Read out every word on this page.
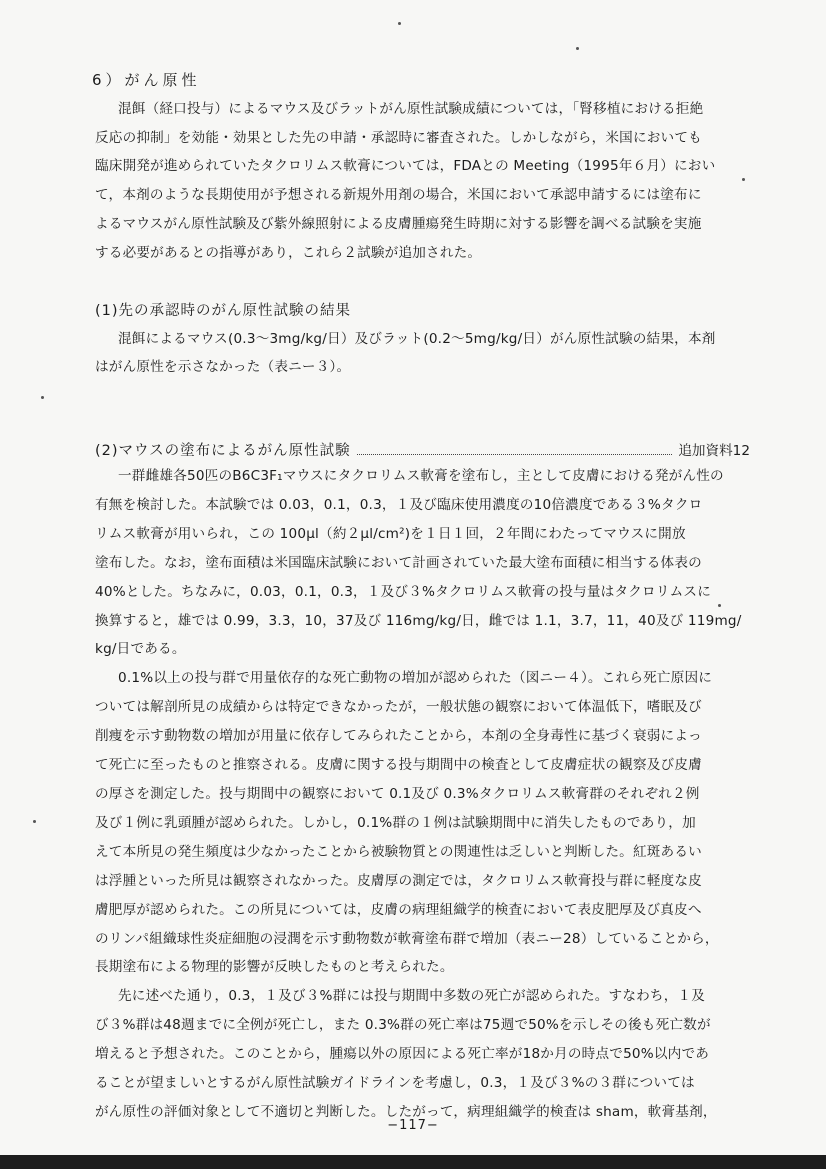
6）がん原性
混餌（経口投与）によるマウス及びラットがん原性試験成績については，「腎移植における拒絶
反応の抑制」を効能・効果とした先の申請・承認時に審査された。しかしながら，米国においても
臨床開発が進められていたタクロリムス軟膏については，FDAとの Meeting（1995年６月）におい
て，本剤のような長期使用が予想される新規外用剤の場合，米国において承認申請するには塗布に
よるマウスがん原性試験及び紫外線照射による皮膚腫瘍発生時期に対する影響を調べる試験を実施
する必要があるとの指導があり，これら２試験が追加された。
(1)先の承認時のがん原性試験の結果
混餌によるマウス(0.3～3mg/kg/日）及びラット(0.2～5mg/kg/日）がん原性試験の結果，本剤
はがん原性を示さなかった（表ニー３）。
(2)マウスの塗布によるがん原性試験	追加資料12
一群雌雄各50匹のB6C3F₁マウスにタクロリムス軟膏を塗布し，主として皮膚における発がん性の
有無を検討した。本試験では 0.03，0.1，0.3，１及び臨床使用濃度の10倍濃度である３%タクロ
リムス軟膏が用いられ，この 100μl（約２μl/cm²)を１日１回，２年間にわたってマウスに開放
塗布した。なお，塗布面積は米国臨床試験において計画されていた最大塗布面積に相当する体表の
40%とした。ちなみに，0.03，0.1，0.3，１及び３%タクロリムス軟膏の投与量はタクロリムスに
換算すると，雄では 0.99，3.3，10，37及び 116mg/kg/日，雌では 1.1，3.7，11，40及び 119mg/
kg/日である。
0.1%以上の投与群で用量依存的な死亡動物の増加が認められた（図ニー４）。これら死亡原因に
ついては解剖所見の成績からは特定できなかったが，一般状態の観察において体温低下，嗜眠及び
削痩を示す動物数の増加が用量に依存してみられたことから，本剤の全身毒性に基づく衰弱によっ
て死亡に至ったものと推察される。皮膚に関する投与期間中の検査として皮膚症状の観察及び皮膚
の厚さを測定した。投与期間中の観察において 0.1及び 0.3%タクロリムス軟膏群のそれぞれ２例
及び１例に乳頭腫が認められた。しかし，0.1%群の１例は試験期間中に消失したものであり，加
えて本所見の発生頻度は少なかったことから被験物質との関連性は乏しいと判断した。紅斑あるい
は浮腫といった所見は観察されなかった。皮膚厚の測定では，タクロリムス軟膏投与群に軽度な皮
膚肥厚が認められた。この所見については，皮膚の病理組織学的検査において表皮肥厚及び真皮へ
のリンパ組織球性炎症細胞の浸潤を示す動物数が軟膏塗布群で増加（表ニー28）していることから，
長期塗布による物理的影響が反映したものと考えられた。
先に述べた通り，0.3，１及び３%群には投与期間中多数の死亡が認められた。すなわち，１及
び３%群は48週までに全例が死亡し，また 0.3%群の死亡率は75週で50%を示しその後も死亡数が
増えると予想された。このことから，腫瘍以外の原因による死亡率が18か月の時点で50%以内であ
ることが望ましいとするがん原性試験ガイドラインを考慮し，0.3，１及び３%の３群については
がん原性の評価対象として不適切と判断した。したがって，病理組織学的検査は sham，軟膏基剤，
−117−
